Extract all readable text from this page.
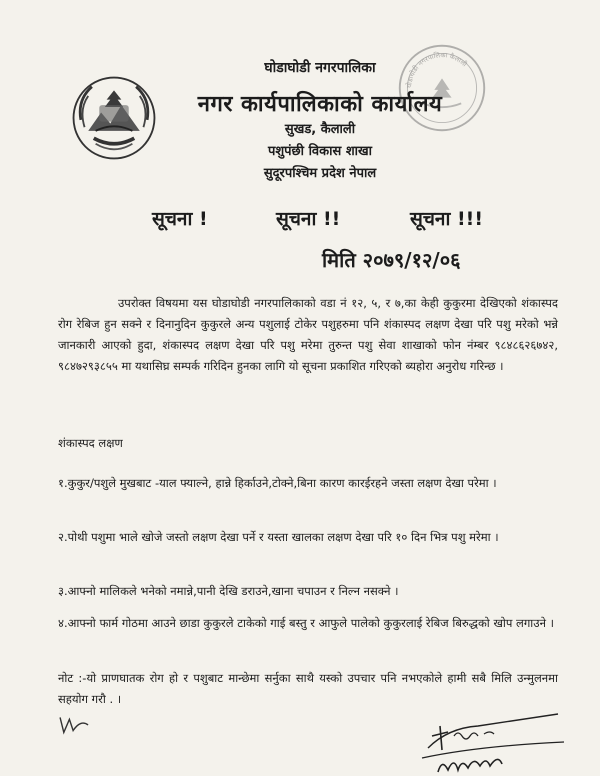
घोडाघोडी नगरपालिका कैलाली
घोडाघोडी नगरपालिका
नगर कार्यपालिकाको कार्यालय
सुखड, कैलाली
पशुपंछी विकास शाखा
सुदूरपश्चिम प्रदेश नेपाल
सूचना !	सूचना !!	सूचना !!!
मिति २०७९/१२/०६
उपरोक्त विषयमा यस घोडाघोडी नगरपालिकाको वडा नं १२, ५, र ७,का केही कुकुरमा देखिएको शंकास्पद रोग रेबिज हुन सक्ने र दिनानुदिन कुकुरले अन्य पशुलाई टोकेर पशुहरुमा पनि शंकास्पद लक्षण देखा परि पशु मरेको भन्ने जानकारी आएको हुदा, शंकास्पद लक्षण देखा परि पशु मरेमा तुरुन्त पशु सेवा शाखाको फोन नंम्बर ९८४८६२६७४२, ९८४७२९३८५५ मा यथासिघ्र सम्पर्क गरिदिन हुनका लागि यो सूचना प्रकाशित गरिएको ब्यहोरा अनुरोध गरिन्छ ।
शंकास्पद लक्षण
१.कुकुर/पशुले मुखबाट -याल फ्याल्ने, हान्ने हिर्काउने,टोक्ने,बिना कारण कारईरहने जस्ता लक्षण देखा परेमा ।
२.पोथी पशुमा भाले खोजे जस्तो लक्षण देखा पर्ने र यस्ता खालका लक्षण देखा परि १० दिन भित्र पशु मरेमा ।
३.आफ्नो मालिकले भनेको नमान्ने,पानी देखि डराउने,खाना चपाउन र निल्न नसक्ने ।
४.आफ्नो फार्म गोठमा आउने छाडा कुकुरले टाकेको गाई बस्तु र आफुले पालेको कुकुरलाई रेबिज बिरुद्धको खोप लगाउने ।
नोट :-यो प्राणघातक रोग हो र पशुबाट मान्छेमा सर्नुका साथै यस्को उपचार पनि नभएकोले हामी सबै मिलि उन्मुलनमा सहयोग गरौ . ।
